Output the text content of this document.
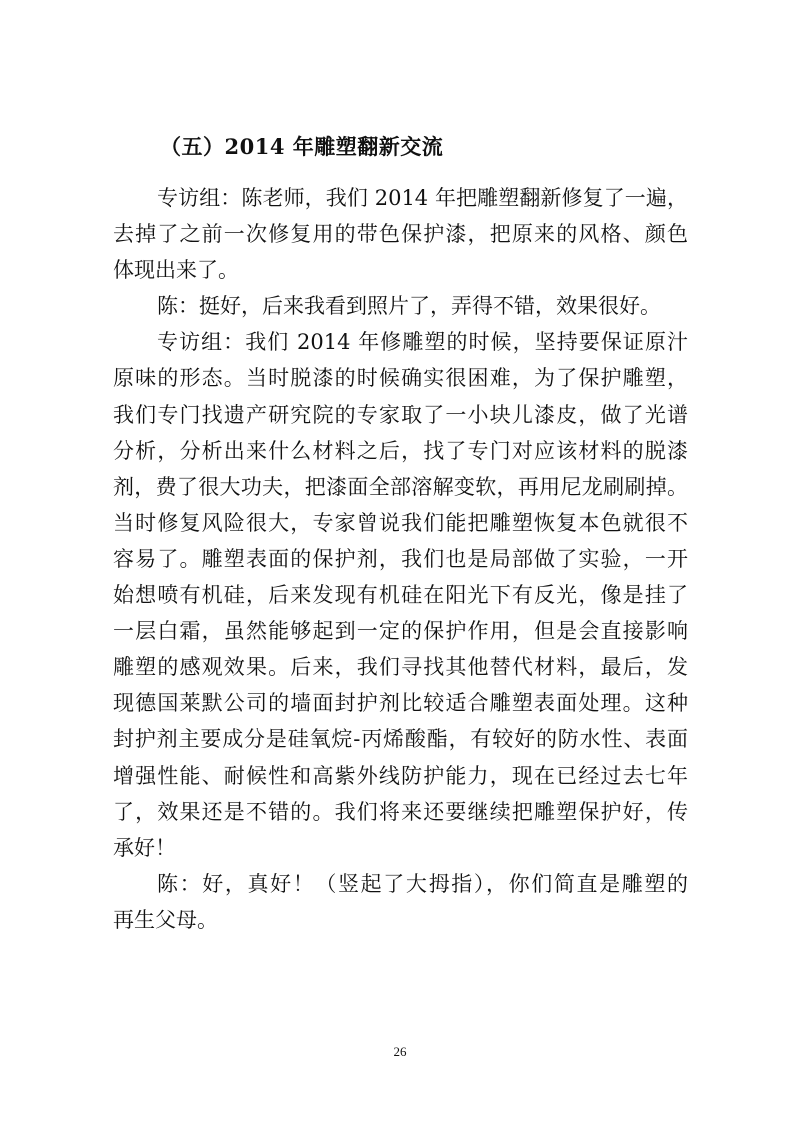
（五）2014 年雕塑翻新交流

专访组：陈老师，我们 2014 年把雕塑翻新修复了一遍，
去掉了之前一次修复用的带色保护漆，把原来的风格、颜色
体现出来了。

陈：挺好，后来我看到照片了，弄得不错，效果很好。

专访组：我们 2014 年修雕塑的时候，坚持要保证原汁
原味的形态。当时脱漆的时候确实很困难，为了保护雕塑，
我们专门找遗产研究院的专家取了一小块儿漆皮，做了光谱
分析，分析出来什么材料之后，找了专门对应该材料的脱漆
剂，费了很大功夫，把漆面全部溶解变软，再用尼龙刷刷掉。
当时修复风险很大，专家曾说我们能把雕塑恢复本色就很不
容易了。雕塑表面的保护剂，我们也是局部做了实验，一开
始想喷有机硅，后来发现有机硅在阳光下有反光，像是挂了
一层白霜，虽然能够起到一定的保护作用，但是会直接影响
雕塑的感观效果。后来，我们寻找其他替代材料，最后，发
现德国莱默公司的墙面封护剂比较适合雕塑表面处理。这种
封护剂主要成分是硅氧烷-丙烯酸酯，有较好的防水性、表面
增强性能、耐候性和高紫外线防护能力，现在已经过去七年
了，效果还是不错的。我们将来还要继续把雕塑保护好，传
承好！

陈：好，真好！（竖起了大拇指），你们简直是雕塑的
再生父母。

26
